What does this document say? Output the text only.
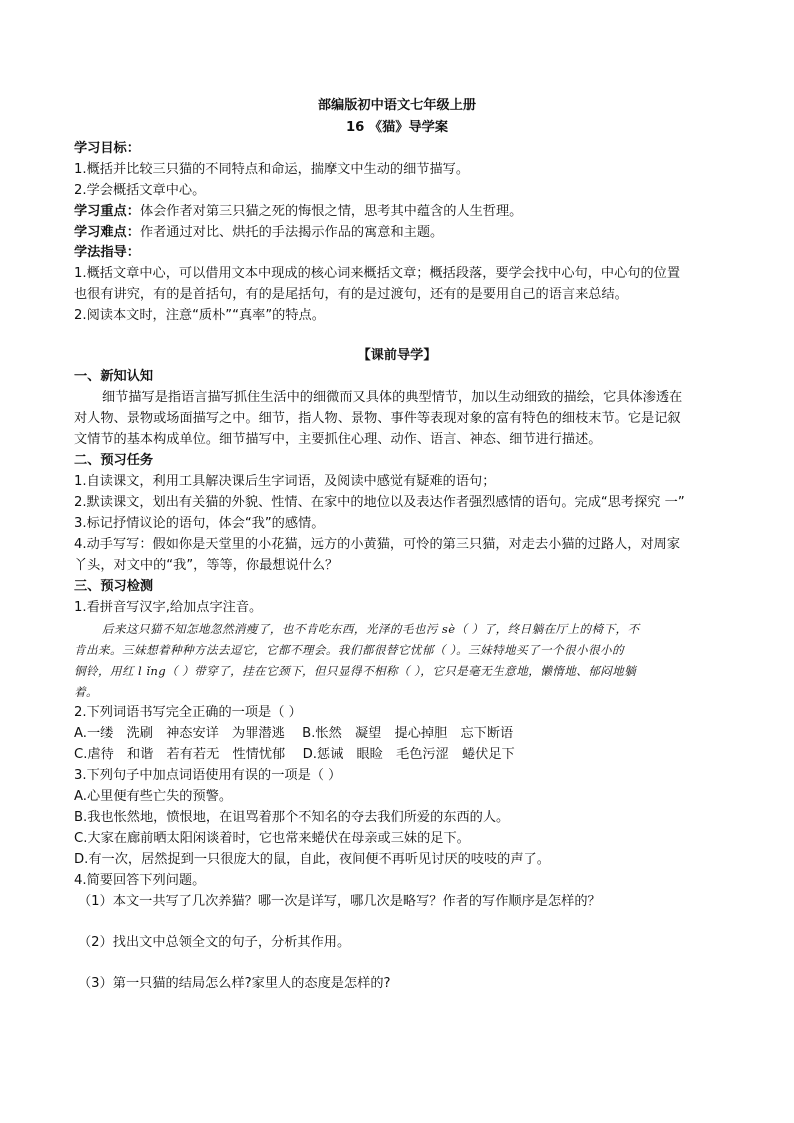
部编版初中语文七年级上册
16 《猫》导学案
学习目标：
1.概括并比较三只猫的不同特点和命运，揣摩文中生动的细节描写。
2.学会概括文章中心。
学习重点：体会作者对第三只猫之死的悔恨之情，思考其中蕴含的人生哲理。
学习难点：作者通过对比、烘托的手法揭示作品的寓意和主题。
学法指导：
1.概括文章中心，可以借用文本中现成的核心词来概括文章；概括段落，要学会找中心句，中心句的位置
也很有讲究，有的是首括句，有的是尾括句，有的是过渡句，还有的是要用自己的语言来总结。
2.阅读本文时，注意“质朴”“真率”的特点。
【课前导学】
一、新知认知
细节描写是指语言描写抓住生活中的细微而又具体的典型情节，加以生动细致的描绘，它具体渗透在
对人物、景物或场面描写之中。细节，指人物、景物、事件等表现对象的富有特色的细枝末节。它是记叙
文情节的基本构成单位。细节描写中，主要抓住心理、动作、语言、神态、细节进行描述。
二、预习任务
1.自读课文，利用工具解决课后生字词语，及阅读中感觉有疑难的语句；
2.默读课文，划出有关猫的外貌、性情、在家中的地位以及表达作者强烈感情的语句。完成“思考探究 一”
3.标记抒情议论的语句，体会“我”的感情。
4.动手写写：假如你是天堂里的小花猫，远方的小黄猫，可怜的第三只猫，对走去小猫的过路人，对周家
丫头，对文中的“我”，等等，你最想说什么？
三、预习检测
1.看拼音写汉字,给加点字注音。
后来这只猫不知怎地忽然消瘦了，也不肯吃东西，光泽的毛也污 sè（ ）了，终日躺在厅上的椅下，不
肯出来。三妹想着种种方法去逗它，它都不理会。我们都很替它忧郁（ ）。三妹特地买了一个很小很小的
铜铃，用红 l ǐng（ ）带穿了，挂在它颈下，但只显得不相称（ ），它只是毫无生意地，懒惰地、郁闷地躺
着。
2.下列词语书写完全正确的一项是（ ）
A.一缕　洗刷　神态安详　为罪潜逃　 B.怅然　凝望　提心掉胆　忘下断语
C.虐待　和谐　若有若无　性情忧郁　 D.惩诫　眼睑　毛色污涩　蜷伏足下
3.下列句子中加点词语使用有误的一项是（ ）
A.心里便有些亡失的预警。
B.我也怅然地，愤恨地，在诅骂着那个不知名的夺去我们所爱的东西的人。
C.大家在廊前晒太阳闲谈着时，它也常来蜷伏在母亲或三妹的足下。
D.有一次，居然捉到一只很庞大的鼠，自此，夜间便不再听见讨厌的吱吱的声了。
4.简要回答下列问题。
（1）本文一共写了几次养猫？哪一次是详写，哪几次是略写？作者的写作顺序是怎样的？
（2）找出文中总领全文的句子，分析其作用。
（3）第一只猫的结局怎么样?家里人的态度是怎样的?
